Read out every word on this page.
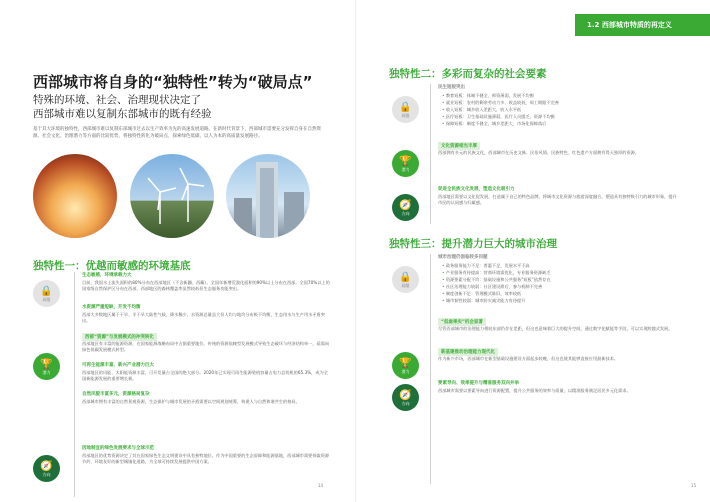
西部城市将自身的“独特性”转为“破局点”
特殊的环境、社会、治理现状决定了
西部城市难以复制东部城市的既有经验
基于其大环境的独特性，西部城市难以复制东部城市过去以生产效率为先的高速发展道路。在新时代背景下，西部城市需要充分发挥自身在自然资源、社会文化、治理潜力等方面的比较优势，将独特性转化为破局点，探索绿色低碳、以人为本的高质量发展路径。
独特性一：优越而敏感的环境基底
🔒
局限
生态敏感，环境承载力大
目前，我国水土流失面积的80%分布在西部地区（不含新疆、西藏）。全国年新增荒漠化面积的90%以上分布在西部。全国70%以上的国家级自然保护区分布在西部，西部地区的森林覆盖率虽然较低但生态服务功能突出。
水资源严重短缺，开发不均衡
西部大多数地区属于干旱、半干旱大陆性气候，降水稀少，水资源总量虽大但人均与地均分布极不均衡，生态用水与生产用水矛盾突出。
🏆
潜力
西部“资源”与发展模式的冲突转化
西部地区有丰富的能源资源，在国家能源战略布局中占据重要地位。传统的资源依赖型发展模式导致生态破坏与经济结构单一，亟需向绿色低碳发展模式转型。
可再生能源丰富，新兴产业潜力巨大
西部地区的风能、太阳能资源丰富，可开发量占全国的绝大部分。2020年已实现可再生能源装机容量占电力总装机的65.3%，成为全国新能源发展的重要增长极。
自然风貌丰富多元，资源格局复杂
西部城市拥有丰富的自然景观资源，生态保护与城市发展的矛盾需要以空间规划统筹，构建人与自然和谐共生的格局。
🧭
方向
因地制宜的绿色发展要求与全球示范
西部地区的优势资源决定了其在国家绿色生态文明建设中具有独特地位。作为中国重要的生态屏障和能源基地，西部城市需要探索资源节约、环境友好的新型城镇化道路，为全球可持续发展提供中国方案。
14
1.2 西部城市特质的再定义
独特性二：多彩而复杂的社会要素
🔒
局限
民生短板突出
• 教育短板：体制不健全、师资薄弱，发展不均衡
• 就业短板：农村的剩余劳动力多、收益较低，周工期限不完善
• 收入短板：城乡收入差距大，收入水平低
• 医疗短板：卫生基础设施薄弱，医疗人员匮乏，资源不均衡
• 保障短板：制度不健全，城乡差距大，市场化保障落后
🏆
潜力
文化资源相当丰厚
西部拥有多元的民族文化，西部城市在历史文脉、民俗风情、民族特色、红色遗产方面拥有得天独厚的资源。
🧭
方向
促进全民族文化发展，塑造文化吸引力
西部地区需要以文化促发展，打造属于自己的特色品牌，将城市文化资源与旅游深度融合，塑造具有独特吸引力的城市形象，提升市民的认同感与归属感。
独特性三：提升潜力巨大的城市治理
🔒
局限
城市治理仍面临较多问题
• 政务服务能力不足：普惠不足、发展水平不高
• 产业服务有待提高：营商环境需优化，专业服务资源缺乏
• 资源要素分配不均：基础设施和公共服务“短板”依然存在
• 社区治理能力较弱：社区建设滞后，参与机制不完善
• 制度创新不足：管理模式陈旧，效率较低
• 城市韧性较弱：城市防灾减灾能力有待提升
🏆
潜力
“低垂果实”机会显著
尽管西部城市的治理能力相较东部仍存在差距，但这也意味着巨大的提升空间，通过数字化赋能等手段，可以实现跨越式发展。
新基建推动治理能力现代化
作为新兴市场，西部城市在新型基础设施建设方面起步较晚，但这也使其能够直接应用最新技术。
🧭
方向
要素导向、效率提升与精准服务双向并举
西部城市需要以要素导向进行资源配置，提升公共服务的效率与质量，以精准服务满足居民多元化需求。
15
